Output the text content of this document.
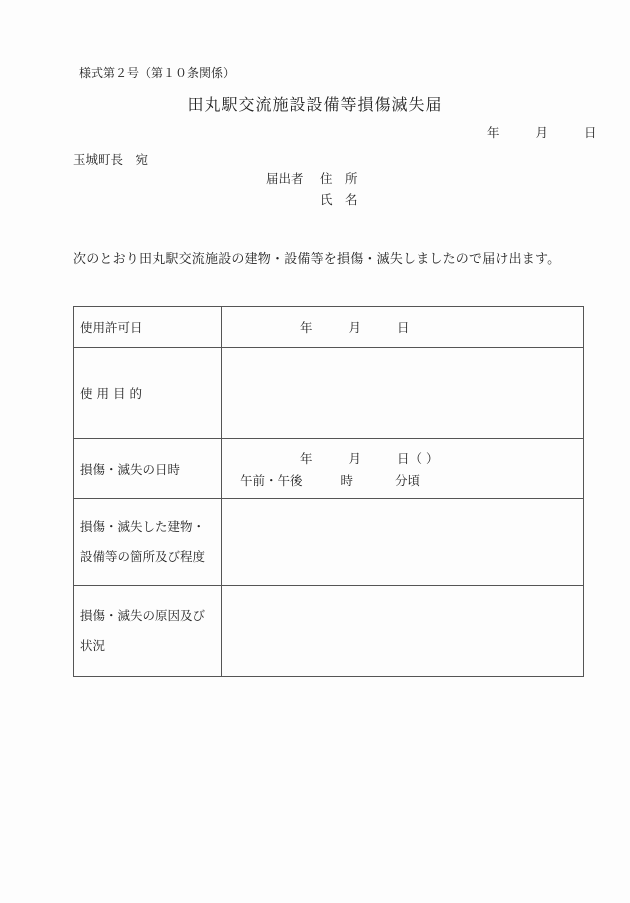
様式第２号（第１０条関係）
田丸駅交流施設設備等損傷滅失届
年	月	日
玉城町長　宛
届出者	住　所
氏　名
次のとおり田丸駅交流施設の建物・設備等を損傷・滅失しましたので届け出ます。
使用許可日	年 月 日

使用目的	
損傷・滅失の日時	年 月 日（ ）
午前・午後 時 分頃

損傷・滅失した建物・
設備等の箇所及び程度	

損傷・滅失の原因及び
状況	
